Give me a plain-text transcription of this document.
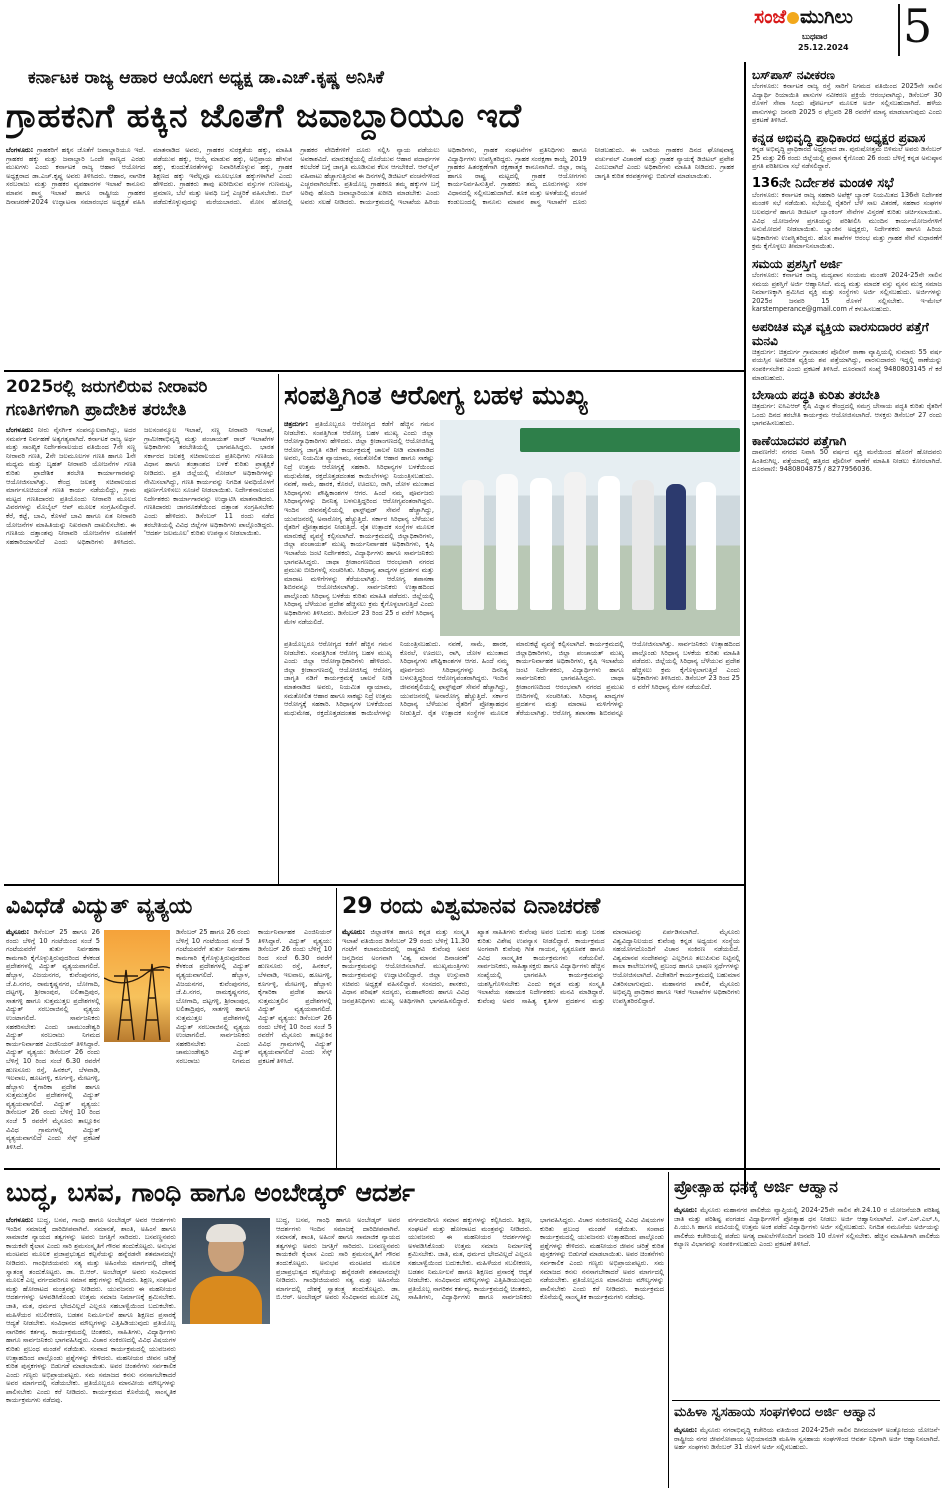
ಸಂಜೆ ಮುಗಿಲು
ಬುಧವಾರ
25.12.2024 5
ಕರ್ನಾಟಕ ರಾಜ್ಯ ಆಹಾರ ಆಯೋಗ ಅಧ್ಯಕ್ಷ ಡಾ.ಎಚ್.ಕೃಷ್ಣ ಅನಿಸಿಕೆ
ಗ್ರಾಹಕನಿಗೆ ಹಕ್ಕಿನ ಜೊತೆಗೆ ಜವಾಬ್ದಾರಿಯೂ ಇದೆ
ಬೆಂಗಳೂರು: ಗ್ರಾಹಕರಿಗೆ ಹಕ್ಕಿನ ಜೊತೆಗೆ ಜವಾಬ್ದಾರಿಯೂ ಇದೆ. ಗ್ರಾಹಕರ ಹಕ್ಕು ಮತ್ತು ಜವಾಬ್ದಾರಿ ಒಂದೇ ನಾಣ್ಯದ ಎರಡು ಮುಖಗಳು ಎಂದು ಕರ್ನಾಟಕ ರಾಜ್ಯ ಆಹಾರ ಆಯೋಗದ ಅಧ್ಯಕ್ಷರಾದ ಡಾ.ಎಚ್.ಕೃಷ್ಣ ಅವರು ತಿಳಿಸಿದರು. ಆಹಾರ, ನಾಗರಿಕ ಸರಬರಾಜು ಮತ್ತು ಗ್ರಾಹಕರ ವ್ಯವಹಾರಗಳ ಇಲಾಖೆ ಕಾನೂನು ಮಾಪನ ಶಾಸ್ತ್ರ ಇಲಾಖೆ ಹಾಗೂ ರಾಷ್ಟ್ರೀಯ ಗ್ರಾಹಕರ ದಿನಾಚರಣೆ-2024 ಉದ್ಘಾಟನಾ ಸಮಾರಂಭದ ಅಧ್ಯಕ್ಷತೆ ವಹಿಸಿ ಮಾತನಾಡಿದ ಅವರು, ಗ್ರಾಹಕರ ಸುರಕ್ಷತೆಯ ಹಕ್ಕು, ಮಾಹಿತಿ ಪಡೆಯುವ ಹಕ್ಕು, ಆಯ್ಕೆ ಮಾಡುವ ಹಕ್ಕು, ಅಭಿಪ್ರಾಯ ಹೇಳುವ ಹಕ್ಕು, ಕುಂದುಕೊರತೆಗಳನ್ನು ನಿವಾರಿಸಿಕೊಳ್ಳುವ ಹಕ್ಕು, ಗ್ರಾಹಕ ಶಿಕ್ಷಣದ ಹಕ್ಕು ಇವೆಲ್ಲವೂ ಮೂಲಭೂತ ಹಕ್ಕುಗಳಾಗಿವೆ ಎಂದು ಹೇಳಿದರು. ಗ್ರಾಹಕರು ತಾವು ಖರೀದಿಸುವ ವಸ್ತುಗಳ ಗುಣಮಟ್ಟ, ಪ್ರಮಾಣ, ಬೆಲೆ ಮತ್ತು ಅವಧಿ ಬಗ್ಗೆ ಎಚ್ಚರಿಕೆ ವಹಿಸಬೇಕು. ಬಿಲ್ ಪಡೆದುಕೊಳ್ಳುವುದನ್ನು ಮರೆಯಬಾರದು. ಮೋಸ ಹೋದಲ್ಲಿ ಗ್ರಾಹಕರ ವೇದಿಕೆಗಳಿಗೆ ದೂರು ಸಲ್ಲಿಸಿ ನ್ಯಾಯ ಪಡೆಯಲು ಅವಕಾಶವಿದೆ. ಮಾರುಕಟ್ಟೆಯಲ್ಲಿ ದೊರೆಯುವ ಆಹಾರ ಪದಾರ್ಥಗಳ ಕಲಬೆರಕೆ ಬಗ್ಗೆ ಜಾಗೃತಿ ಮೂಡಿಸುವ ಕೆಲಸ ಆಗಬೇಕಿದೆ. ಆನ್‌ಲೈನ್ ವಹಿವಾಟು ಹೆಚ್ಚಾಗುತ್ತಿರುವ ಈ ದಿನಗಳಲ್ಲಿ ಡಿಜಿಟಲ್ ವಂಚನೆಗಳಿಂದ ಎಚ್ಚರವಾಗಿರಬೇಕು. ಪ್ರತಿಯೊಬ್ಬ ಗ್ರಾಹಕರೂ ತಮ್ಮ ಹಕ್ಕುಗಳ ಬಗ್ಗೆ ಅರಿವು ಹೊಂದಿ ಜವಾಬ್ದಾರಿಯುತ ಖರೀದಿ ಮಾಡಬೇಕು ಎಂದು ಅವರು ಸಲಹೆ ನೀಡಿದರು. ಕಾರ್ಯಕ್ರಮದಲ್ಲಿ ಇಲಾಖೆಯ ಹಿರಿಯ ಅಧಿಕಾರಿಗಳು, ಗ್ರಾಹಕ ಸಂಘಟನೆಗಳ ಪ್ರತಿನಿಧಿಗಳು ಹಾಗೂ ವಿದ್ಯಾರ್ಥಿಗಳು ಉಪಸ್ಥಿತರಿದ್ದರು. ಗ್ರಾಹಕ ಸಂರಕ್ಷಣಾ ಕಾಯ್ದೆ 2019 ಗ್ರಾಹಕರ ಹಿತರಕ್ಷಣೆಗಾಗಿ ರಕ್ಷಣಾತ್ಮಕ ಕಾನೂನಾಗಿದೆ. ಜಿಲ್ಲಾ, ರಾಜ್ಯ ಹಾಗೂ ರಾಷ್ಟ್ರ ಮಟ್ಟದಲ್ಲಿ ಗ್ರಾಹಕ ಆಯೋಗಗಳು ಕಾರ್ಯನಿರ್ವಹಿಸುತ್ತಿವೆ. ಗ್ರಾಹಕರು ತಮ್ಮ ದೂರುಗಳನ್ನು ಸರಳ ವಿಧಾನದಲ್ಲಿ ಸಲ್ಲಿಸಬಹುದಾಗಿದೆ. ತೂಕ ಮತ್ತು ಅಳತೆಯಲ್ಲಿ ವಂಚನೆ ಕಂಡುಬಂದಲ್ಲಿ ಕಾನೂನು ಮಾಪನ ಶಾಸ್ತ್ರ ಇಲಾಖೆಗೆ ದೂರು ನೀಡಬಹುದು. ಈ ಬಾರಿಯ ಗ್ರಾಹಕರ ದಿನದ ಘೋಷವಾಕ್ಯ ವರ್ಚುವಲ್ ವಿಚಾರಣೆ ಮತ್ತು ಗ್ರಾಹಕ ನ್ಯಾಯಕ್ಕೆ ಡಿಜಿಟಲ್ ಪ್ರವೇಶ ಎಂಬುದಾಗಿದೆ ಎಂದು ಅಧಿಕಾರಿಗಳು ಮಾಹಿತಿ ನೀಡಿದರು. ಗ್ರಾಹಕ ಜಾಗೃತಿ ಕುರಿತ ಕರಪತ್ರಗಳನ್ನು ಬಿಡುಗಡೆ ಮಾಡಲಾಯಿತು.
ಬಸ್‌ಪಾಸ್ ನವೀಕರಣ
ಬೆಂಗಳೂರು: ಕರ್ನಾಟಕ ರಾಜ್ಯ ರಸ್ತೆ ಸಾರಿಗೆ ನಿಗಮದ ವತಿಯಿಂದ 2025ನೇ ಸಾಲಿನ ವಿದ್ಯಾರ್ಥಿ ರಿಯಾಯಿತಿ ಪಾಸುಗಳ ನವೀಕರಣ ಪ್ರಕ್ರಿಯೆ ಆರಂಭವಾಗಿದ್ದು, ಡಿಸೆಂಬರ್ 30 ರೊಳಗೆ ಸೇವಾ ಸಿಂಧು ಪೋರ್ಟಲ್ ಮೂಲಕ ಅರ್ಜಿ ಸಲ್ಲಿಸಬಹುದಾಗಿದೆ. ಹಳೆಯ ಪಾಸುಗಳನ್ನು ಜನವರಿ 2025 ರ ಫೆಬ್ರವರಿ 28 ರವರೆಗೆ ಮಾನ್ಯ ಮಾಡಲಾಗುವುದು ಎಂದು ಪ್ರಕಟಣೆ ತಿಳಿಸಿದೆ.
ಕನ್ನಡ ಅಭಿವೃದ್ಧಿ ಪ್ರಾಧಿಕಾರದ ಅಧ್ಯಕ್ಷರ ಪ್ರವಾಸ
ಕನ್ನಡ ಅಭಿವೃದ್ಧಿ ಪ್ರಾಧಿಕಾರದ ಅಧ್ಯಕ್ಷರಾದ ಡಾ. ಪುರುಷೋತ್ತಮ ಬಿಳಿಮಲೆ ಅವರು ಡಿಸೆಂಬರ್ 25 ಮತ್ತು 26 ರಂದು ಜಿಲ್ಲೆಯಲ್ಲಿ ಪ್ರವಾಸ ಕೈಗೊಂಡು 26 ರಂದು ಬೆಳಿಗ್ಗೆ ಕನ್ನಡ ಅನುಷ್ಠಾನ ಪ್ರಗತಿ ಪರಿಶೀಲನಾ ಸಭೆ ನಡೆಸಲಿದ್ದಾರೆ.
136ನೇ ನಿರ್ದೇಶಕ ಮಂಡಳಿ ಸಭೆ
ಬೆಂಗಳೂರು: ಕರ್ನಾಟಕ ರಾಜ್ಯ ಸಹಕಾರಿ ಅಪೆಕ್ಸ್ ಬ್ಯಾಂಕ್ ನಿಯಮಿತದ 136ನೇ ನಿರ್ದೇಶಕ ಮಂಡಳಿ ಸಭೆ ನಡೆಯಿತು. ಸಭೆಯಲ್ಲಿ ರೈತರಿಗೆ ಬೆಳೆ ಸಾಲ ವಿತರಣೆ, ಸಹಕಾರ ಸಂಘಗಳ ಬಲವರ್ಧನೆ ಹಾಗೂ ಡಿಜಿಟಲ್ ಬ್ಯಾಂಕಿಂಗ್ ಸೇವೆಗಳ ವಿಸ್ತರಣೆ ಕುರಿತು ಚರ್ಚಿಸಲಾಯಿತು. ವಿವಿಧ ಯೋಜನೆಗಳ ಪ್ರಗತಿಯನ್ನು ಪರಿಶೀಲಿಸಿ ಮುಂದಿನ ಕಾರ್ಯಯೋಜನೆಗಳಿಗೆ ಅನುಮೋದನೆ ನೀಡಲಾಯಿತು. ಬ್ಯಾಂಕಿನ ಅಧ್ಯಕ್ಷರು, ನಿರ್ದೇಶಕರು ಹಾಗೂ ಹಿರಿಯ ಅಧಿಕಾರಿಗಳು ಉಪಸ್ಥಿತರಿದ್ದರು. ಹೊಸ ಶಾಖೆಗಳ ಆರಂಭ ಮತ್ತು ಗ್ರಾಹಕ ಸೇವೆ ಸುಧಾರಣೆಗೆ ಕ್ರಮ ಕೈಗೊಳ್ಳಲು ತೀರ್ಮಾನಿಸಲಾಯಿತು.
ಸಮಯ ಪ್ರಶಸ್ತಿಗೆ ಅರ್ಜಿ
ಬೆಂಗಳೂರು: ಕರ್ನಾಟಕ ರಾಜ್ಯ ಮದ್ಯಪಾನ ಸಂಯಮ ಮಂಡಳಿ 2024-25ನೇ ಸಾಲಿನ ಸಮಯ ಪ್ರಶಸ್ತಿಗೆ ಅರ್ಜಿ ಆಹ್ವಾನಿಸಿದೆ. ಮದ್ಯ ಮತ್ತು ಮಾದಕ ವಸ್ತು ವ್ಯಸನ ಮುಕ್ತ ಸಮಾಜ ನಿರ್ಮಾಣಕ್ಕಾಗಿ ಶ್ರಮಿಸಿದ ವ್ಯಕ್ತಿ ಮತ್ತು ಸಂಸ್ಥೆಗಳು ಅರ್ಜಿ ಸಲ್ಲಿಸಬಹುದು. ಅರ್ಜಿಗಳನ್ನು 2025ರ ಜನವರಿ 15 ರೊಳಗೆ ಸಲ್ಲಿಸಬೇಕು. ಇ-ಮೇಲ್ karstemperance@gmail.com ಗೆ ಕಳುಹಿಸಬಹುದು.
ಅಪರಿಚಿತ ಮೃತ ವ್ಯಕ್ತಿಯ ವಾರಸುದಾರರ ಪತ್ತೆಗೆ ಮನವಿ
ಚಿತ್ರದುರ್ಗ: ಚಿತ್ರದುರ್ಗ ಗ್ರಾಮಾಂತರ ಪೊಲೀಸ್ ಠಾಣಾ ವ್ಯಾಪ್ತಿಯಲ್ಲಿ ಸುಮಾರು 55 ವರ್ಷ ವಯಸ್ಸಿನ ಅಪರಿಚಿತ ವ್ಯಕ್ತಿಯ ಶವ ಪತ್ತೆಯಾಗಿದ್ದು, ವಾರಸುದಾರರು ಇದ್ದಲ್ಲಿ ಠಾಣೆಯನ್ನು ಸಂಪರ್ಕಿಸಬೇಕು ಎಂದು ಪ್ರಕಟಣೆ ತಿಳಿಸಿದೆ. ದೂರವಾಣಿ ಸಂಖ್ಯೆ 9480803145 ಗೆ ಕರೆ ಮಾಡಬಹುದು.
ಬೇಸಾಯ ಪದ್ಧತಿ ಕುರಿತು ತರಬೇತಿ
ಚಿತ್ರದುರ್ಗ: ಐಸಿಎಆರ್ ಕೃಷಿ ವಿಜ್ಞಾನ ಕೇಂದ್ರದಲ್ಲಿ ಸಮಗ್ರ ಬೇಸಾಯ ಪದ್ಧತಿ ಕುರಿತು ರೈತರಿಗೆ ಒಂದು ದಿನದ ತರಬೇತಿ ಕಾರ್ಯಕ್ರಮ ಆಯೋಜಿಸಲಾಗಿದೆ. ಆಸಕ್ತರು ಡಿಸೆಂಬರ್ 27 ರಂದು ಭಾಗವಹಿಸಬಹುದು.
ಕಾಣೆಯಾದವರ ಪತ್ತೆಗಾಗಿ
ದಾವಣಗೆರೆ: ನಗರದ ನಿವಾಸಿ 50 ವರ್ಷದ ವ್ಯಕ್ತಿ ಮನೆಯಿಂದ ಹೊರಗೆ ಹೋದವರು ಹಿಂತಿರುಗಿಲ್ಲ. ಪತ್ತೆಯಾದಲ್ಲಿ ಹತ್ತಿರದ ಪೊಲೀಸ್ ಠಾಣೆಗೆ ಮಾಹಿತಿ ನೀಡಲು ಕೋರಲಾಗಿದೆ. ದೂರವಾಣಿ: 9480804875 / 8277956036.
2025ರಲ್ಲಿ ಜರುಗಲಿರುವ ನೀರಾವರಿ ಗಣತಿಗಳಿಗಾಗಿ ಪ್ರಾದೇಶಿಕ ತರಬೇತಿ
ಬೆಂಗಳೂರು: ನೀರು ನೈಸರ್ಗಿಕ ಸಂಪನ್ಮೂಲವಾಗಿದ್ದು, ಅದರ ಸಮರ್ಪಕ ನಿರ್ವಹಣೆ ಅತ್ಯಗತ್ಯವಾಗಿದೆ. ಕರ್ನಾಟಕ ರಾಜ್ಯ ಅರ್ಥ ಮತ್ತು ಸಾಂಖ್ಯಿಕ ನಿರ್ದೇಶನಾಲಯದ ವತಿಯಿಂದ 7ನೇ ಸಣ್ಣ ನೀರಾವರಿ ಗಣತಿ, 2ನೇ ಜಲಮೂಲಗಳ ಗಣತಿ ಹಾಗೂ 1ನೇ ಮಧ್ಯಮ ಮತ್ತು ಬೃಹತ್ ನೀರಾವರಿ ಯೋಜನೆಗಳ ಗಣತಿ ಕುರಿತು ಪ್ರಾದೇಶಿಕ ತರಬೇತಿ ಕಾರ್ಯಾಗಾರವನ್ನು ಆಯೋಜಿಸಲಾಗಿತ್ತು. ಕೇಂದ್ರ ಜಲಶಕ್ತಿ ಸಚಿವಾಲಯದ ಮಾರ್ಗಸೂಚಿಯಂತೆ ಗಣತಿ ಕಾರ್ಯ ನಡೆಯಲಿದ್ದು, ಗ್ರಾಮ ಮಟ್ಟದ ಗಣತಿದಾರರು ಪ್ರತಿಯೊಂದು ನೀರಾವರಿ ಮೂಲದ ವಿವರಗಳನ್ನು ಮೊಬೈಲ್ ಆಪ್ ಮೂಲಕ ಸಂಗ್ರಹಿಸಲಿದ್ದಾರೆ. ಕೆರೆ, ಕಟ್ಟೆ, ಬಾವಿ, ಕೊಳವೆ ಬಾವಿ ಹಾಗೂ ಏತ ನೀರಾವರಿ ಯೋಜನೆಗಳ ಮಾಹಿತಿಯನ್ನು ನಿಖರವಾಗಿ ದಾಖಲಿಸಬೇಕು. ಈ ಗಣತಿಯ ದತ್ತಾಂಶವು ನೀರಾವರಿ ಯೋಜನೆಗಳ ರೂಪಣೆಗೆ ಸಹಕಾರಿಯಾಗಲಿದೆ ಎಂದು ಅಧಿಕಾರಿಗಳು ತಿಳಿಸಿದರು. ಜಲಸಂಪನ್ಮೂಲ ಇಲಾಖೆ, ಸಣ್ಣ ನೀರಾವರಿ ಇಲಾಖೆ, ಗ್ರಾಮೀಣಾಭಿವೃದ್ಧಿ ಮತ್ತು ಪಂಚಾಯತ್ ರಾಜ್ ಇಲಾಖೆಗಳ ಅಧಿಕಾರಿಗಳು ತರಬೇತಿಯಲ್ಲಿ ಭಾಗವಹಿಸಿದ್ದರು. ಭಾರತ ಸರ್ಕಾರದ ಜಲಶಕ್ತಿ ಸಚಿವಾಲಯದ ಪ್ರತಿನಿಧಿಗಳು ಗಣತಿಯ ವಿಧಾನ ಹಾಗೂ ತಂತ್ರಾಂಶದ ಬಳಕೆ ಕುರಿತು ಪ್ರಾತ್ಯಕ್ಷಿಕೆ ನೀಡಿದರು. ಪ್ರತಿ ಜಿಲ್ಲೆಯಲ್ಲಿ ನೋಡಲ್ ಅಧಿಕಾರಿಗಳನ್ನು ನೇಮಿಸಲಾಗಿದ್ದು, ಗಣತಿ ಕಾರ್ಯವನ್ನು ನಿಗದಿತ ಅವಧಿಯೊಳಗೆ ಪೂರ್ಣಗೊಳಿಸಲು ಸೂಚನೆ ನೀಡಲಾಯಿತು. ನಿರ್ದೇಶನಾಲಯದ ನಿರ್ದೇಶಕರು ಕಾರ್ಯಾಗಾರವನ್ನು ಉದ್ಘಾಟಿಸಿ ಮಾತನಾಡಿದರು. ಗಣತಿದಾರರು ಜಾಗರೂಕತೆಯಿಂದ ದತ್ತಾಂಶ ಸಂಗ್ರಹಿಸಬೇಕು ಎಂದು ಹೇಳಿದರು. ಡಿಸೆಂಬರ್ 11 ರಂದು ನಡೆದ ತರಬೇತಿಯಲ್ಲಿ ವಿವಿಧ ಜಿಲ್ಲೆಗಳ ಅಧಿಕಾರಿಗಳು ಪಾಲ್ಗೊಂಡಿದ್ದರು. 'ಆದರ್ಶ ಜಲಮೂಲ' ಕುರಿತು ಉಪನ್ಯಾಸ ನೀಡಲಾಯಿತು.
ಸಂಪತ್ತಿಗಿಂತ ಆರೋಗ್ಯ ಬಹಳ ಮುಖ್ಯ
ಚಿತ್ರದುರ್ಗ: ಪ್ರತಿಯೊಬ್ಬರೂ ಆರೋಗ್ಯದ ಕಡೆಗೆ ಹೆಚ್ಚಿನ ಗಮನ ನೀಡಬೇಕು. ಸಂಪತ್ತಿಗಿಂತ ಆರೋಗ್ಯ ಬಹಳ ಮುಖ್ಯ ಎಂದು ಜಿಲ್ಲಾ ಆರೋಗ್ಯಾಧಿಕಾರಿಗಳು ಹೇಳಿದರು. ಜಿಲ್ಲಾ ಕ್ರೀಡಾಂಗಣದಲ್ಲಿ ಆಯೋಜಿಸಿದ್ದ ಆರೋಗ್ಯ ಜಾಗೃತಿ ನಡಿಗೆ ಕಾರ್ಯಕ್ರಮಕ್ಕೆ ಚಾಲನೆ ನೀಡಿ ಮಾತನಾಡಿದ ಅವರು, ನಿಯಮಿತ ವ್ಯಾಯಾಮ, ಸಮತೋಲಿತ ಆಹಾರ ಹಾಗೂ ಸಾಕಷ್ಟು ನಿದ್ರೆ ಉತ್ತಮ ಆರೋಗ್ಯಕ್ಕೆ ಸಹಕಾರಿ. ಸಿರಿಧಾನ್ಯಗಳ ಬಳಕೆಯಿಂದ ಮಧುಮೇಹ, ರಕ್ತದೊತ್ತಡದಂತಹ ಕಾಯಿಲೆಗಳನ್ನು ನಿಯಂತ್ರಿಸಬಹುದು. ನವಣೆ, ಸಾಮೆ, ಹಾರಕ, ಕೊರಲೆ, ಊದಲು, ರಾಗಿ, ಜೋಳ ಮುಂತಾದ ಸಿರಿಧಾನ್ಯಗಳು ಪೌಷ್ಟಿಕಾಂಶಗಳ ಆಗರ. ಹಿಂದೆ ನಮ್ಮ ಪೂರ್ವಜರು ಸಿರಿಧಾನ್ಯಗಳನ್ನು ದಿನನಿತ್ಯ ಬಳಸುತ್ತಿದ್ದರಿಂದ ಆರೋಗ್ಯವಂತರಾಗಿದ್ದರು. ಇಂದಿನ ಜೀವನಶೈಲಿಯಲ್ಲಿ ಫಾಸ್ಟ್‌ಫುಡ್ ಸೇವನೆ ಹೆಚ್ಚಾಗಿದ್ದು, ಯುವಜನರಲ್ಲಿ ಅನಾರೋಗ್ಯ ಹೆಚ್ಚುತ್ತಿದೆ. ಸರ್ಕಾರ ಸಿರಿಧಾನ್ಯ ಬೆಳೆಯುವ ರೈತರಿಗೆ ಪ್ರೋತ್ಸಾಹಧನ ನೀಡುತ್ತಿದೆ. ರೈತ ಉತ್ಪಾದಕ ಸಂಸ್ಥೆಗಳ ಮೂಲಕ ಮಾರುಕಟ್ಟೆ ವ್ಯವಸ್ಥೆ ಕಲ್ಪಿಸಲಾಗಿದೆ. ಕಾರ್ಯಕ್ರಮದಲ್ಲಿ ಜಿಲ್ಲಾಧಿಕಾರಿಗಳು, ಜಿಲ್ಲಾ ಪಂಚಾಯತ್ ಮುಖ್ಯ ಕಾರ್ಯನಿರ್ವಾಹಕ ಅಧಿಕಾರಿಗಳು, ಕೃಷಿ ಇಲಾಖೆಯ ಜಂಟಿ ನಿರ್ದೇಶಕರು, ವಿದ್ಯಾರ್ಥಿಗಳು ಹಾಗೂ ಸಾರ್ವಜನಿಕರು ಭಾಗವಹಿಸಿದ್ದರು. ಜಾಥಾ ಕ್ರೀಡಾಂಗಣದಿಂದ ಆರಂಭವಾಗಿ ನಗರದ ಪ್ರಮುಖ ಬೀದಿಗಳಲ್ಲಿ ಸಂಚರಿಸಿತು. ಸಿರಿಧಾನ್ಯ ಖಾದ್ಯಗಳ ಪ್ರದರ್ಶನ ಮತ್ತು ಮಾರಾಟ ಮಳಿಗೆಗಳನ್ನು ತೆರೆಯಲಾಗಿತ್ತು. ಆರೋಗ್ಯ ತಪಾಸಣಾ ಶಿಬಿರವನ್ನೂ ಆಯೋಜಿಸಲಾಗಿತ್ತು. ಸಾರ್ವಜನಿಕರು ಉತ್ಸಾಹದಿಂದ ಪಾಲ್ಗೊಂಡು ಸಿರಿಧಾನ್ಯ ಬಳಕೆಯ ಕುರಿತು ಮಾಹಿತಿ ಪಡೆದರು. ಜಿಲ್ಲೆಯಲ್ಲಿ ಸಿರಿಧಾನ್ಯ ಬೆಳೆಯುವ ಪ್ರದೇಶ ಹೆಚ್ಚಿಸಲು ಕ್ರಮ ಕೈಗೊಳ್ಳಲಾಗುತ್ತಿದೆ ಎಂದು ಅಧಿಕಾರಿಗಳು ತಿಳಿಸಿದರು. ಡಿಸೆಂಬರ್ 23 ರಿಂದ 25 ರ ವರೆಗೆ ಸಿರಿಧಾನ್ಯ ಮೇಳ ನಡೆಯಲಿದೆ.
ಪ್ರತಿಯೊಬ್ಬರೂ ಆರೋಗ್ಯದ ಕಡೆಗೆ ಹೆಚ್ಚಿನ ಗಮನ ನೀಡಬೇಕು. ಸಂಪತ್ತಿಗಿಂತ ಆರೋಗ್ಯ ಬಹಳ ಮುಖ್ಯ ಎಂದು ಜಿಲ್ಲಾ ಆರೋಗ್ಯಾಧಿಕಾರಿಗಳು ಹೇಳಿದರು. ಜಿಲ್ಲಾ ಕ್ರೀಡಾಂಗಣದಲ್ಲಿ ಆಯೋಜಿಸಿದ್ದ ಆರೋಗ್ಯ ಜಾಗೃತಿ ನಡಿಗೆ ಕಾರ್ಯಕ್ರಮಕ್ಕೆ ಚಾಲನೆ ನೀಡಿ ಮಾತನಾಡಿದ ಅವರು, ನಿಯಮಿತ ವ್ಯಾಯಾಮ, ಸಮತೋಲಿತ ಆಹಾರ ಹಾಗೂ ಸಾಕಷ್ಟು ನಿದ್ರೆ ಉತ್ತಮ ಆರೋಗ್ಯಕ್ಕೆ ಸಹಕಾರಿ. ಸಿರಿಧಾನ್ಯಗಳ ಬಳಕೆಯಿಂದ ಮಧುಮೇಹ, ರಕ್ತದೊತ್ತಡದಂತಹ ಕಾಯಿಲೆಗಳನ್ನು ನಿಯಂತ್ರಿಸಬಹುದು. ನವಣೆ, ಸಾಮೆ, ಹಾರಕ, ಕೊರಲೆ, ಊದಲು, ರಾಗಿ, ಜೋಳ ಮುಂತಾದ ಸಿರಿಧಾನ್ಯಗಳು ಪೌಷ್ಟಿಕಾಂಶಗಳ ಆಗರ. ಹಿಂದೆ ನಮ್ಮ ಪೂರ್ವಜರು ಸಿರಿಧಾನ್ಯಗಳನ್ನು ದಿನನಿತ್ಯ ಬಳಸುತ್ತಿದ್ದರಿಂದ ಆರೋಗ್ಯವಂತರಾಗಿದ್ದರು. ಇಂದಿನ ಜೀವನಶೈಲಿಯಲ್ಲಿ ಫಾಸ್ಟ್‌ಫುಡ್ ಸೇವನೆ ಹೆಚ್ಚಾಗಿದ್ದು, ಯುವಜನರಲ್ಲಿ ಅನಾರೋಗ್ಯ ಹೆಚ್ಚುತ್ತಿದೆ. ಸರ್ಕಾರ ಸಿರಿಧಾನ್ಯ ಬೆಳೆಯುವ ರೈತರಿಗೆ ಪ್ರೋತ್ಸಾಹಧನ ನೀಡುತ್ತಿದೆ. ರೈತ ಉತ್ಪಾದಕ ಸಂಸ್ಥೆಗಳ ಮೂಲಕ ಮಾರುಕಟ್ಟೆ ವ್ಯವಸ್ಥೆ ಕಲ್ಪಿಸಲಾಗಿದೆ. ಕಾರ್ಯಕ್ರಮದಲ್ಲಿ ಜಿಲ್ಲಾಧಿಕಾರಿಗಳು, ಜಿಲ್ಲಾ ಪಂಚಾಯತ್ ಮುಖ್ಯ ಕಾರ್ಯನಿರ್ವಾಹಕ ಅಧಿಕಾರಿಗಳು, ಕೃಷಿ ಇಲಾಖೆಯ ಜಂಟಿ ನಿರ್ದೇಶಕರು, ವಿದ್ಯಾರ್ಥಿಗಳು ಹಾಗೂ ಸಾರ್ವಜನಿಕರು ಭಾಗವಹಿಸಿದ್ದರು. ಜಾಥಾ ಕ್ರೀಡಾಂಗಣದಿಂದ ಆರಂಭವಾಗಿ ನಗರದ ಪ್ರಮುಖ ಬೀದಿಗಳಲ್ಲಿ ಸಂಚರಿಸಿತು. ಸಿರಿಧಾನ್ಯ ಖಾದ್ಯಗಳ ಪ್ರದರ್ಶನ ಮತ್ತು ಮಾರಾಟ ಮಳಿಗೆಗಳನ್ನು ತೆರೆಯಲಾಗಿತ್ತು. ಆರೋಗ್ಯ ತಪಾಸಣಾ ಶಿಬಿರವನ್ನೂ ಆಯೋಜಿಸಲಾಗಿತ್ತು. ಸಾರ್ವಜನಿಕರು ಉತ್ಸಾಹದಿಂದ ಪಾಲ್ಗೊಂಡು ಸಿರಿಧಾನ್ಯ ಬಳಕೆಯ ಕುರಿತು ಮಾಹಿತಿ ಪಡೆದರು. ಜಿಲ್ಲೆಯಲ್ಲಿ ಸಿರಿಧಾನ್ಯ ಬೆಳೆಯುವ ಪ್ರದೇಶ ಹೆಚ್ಚಿಸಲು ಕ್ರಮ ಕೈಗೊಳ್ಳಲಾಗುತ್ತಿದೆ ಎಂದು ಅಧಿಕಾರಿಗಳು ತಿಳಿಸಿದರು. ಡಿಸೆಂಬರ್ 23 ರಿಂದ 25 ರ ವರೆಗೆ ಸಿರಿಧಾನ್ಯ ಮೇಳ ನಡೆಯಲಿದೆ.
ವಿವಿಧೆಡೆ ವಿದ್ಯುತ್ ವ್ಯತ್ಯಯ
ಮೈಸೂರು: ಡಿಸೆಂಬರ್ 25 ಹಾಗೂ 26 ರಂದು ಬೆಳಿಗ್ಗೆ 10 ಗಂಟೆಯಿಂದ ಸಂಜೆ 5 ಗಂಟೆಯವರೆಗೆ ತುರ್ತು ನಿರ್ವಹಣಾ ಕಾಮಗಾರಿ ಕೈಗೊಳ್ಳುತ್ತಿರುವುದರಿಂದ ಕೆಳಕಂಡ ಪ್ರದೇಶಗಳಲ್ಲಿ ವಿದ್ಯುತ್ ವ್ಯತ್ಯಯವಾಗಲಿದೆ. ಹೆಬ್ಬಾಳ, ವಿಜಯನಗರ, ಕುವೆಂಪುನಗರ, ಜೆ.ಪಿ.ನಗರ, ರಾಮಕೃಷ್ಣನಗರ, ಬೋಗಾದಿ, ದಟ್ಟಗಳ್ಳಿ, ಶ್ರೀರಾಂಪುರ, ಲಲಿತಾದ್ರಿಪುರ, ಸಾತಗಳ್ಳಿ ಹಾಗೂ ಸುತ್ತಮುತ್ತಲ ಪ್ರದೇಶಗಳಲ್ಲಿ ವಿದ್ಯುತ್ ಸರಬರಾಜಿನಲ್ಲಿ ವ್ಯತ್ಯಯ ಉಂಟಾಗಲಿದೆ. ಸಾರ್ವಜನಿಕರು ಸಹಕರಿಸಬೇಕು ಎಂದು ಚಾಮುಂಡೇಶ್ವರಿ ವಿದ್ಯುತ್ ಸರಬರಾಜು ನಿಗಮದ ಕಾರ್ಯನಿರ್ವಾಹಕ ಎಂಜಿನಿಯರ್ ತಿಳಿಸಿದ್ದಾರೆ. ವಿದ್ಯುತ್ ವ್ಯತ್ಯಯ: ಡಿಸೆಂಬರ್ 26 ರಂದು ಬೆಳಿಗ್ಗೆ 10 ರಿಂದ ಸಂಜೆ 6.30 ರವರೆಗೆ ಹುಣಸೂರು ರಸ್ತೆ, ಹಿನಕಲ್, ಬೆಳವಾಡಿ, ಇಲವಾಲ, ಹೂಟಗಳ್ಳಿ, ಕೂರ್ಗಳ್ಳಿ, ಮೇಟಗಳ್ಳಿ, ಹೆಬ್ಬಾಳು ಕೈಗಾರಿಕಾ ಪ್ರದೇಶ ಹಾಗೂ ಸುತ್ತಮುತ್ತಲಿನ ಪ್ರದೇಶಗಳಲ್ಲಿ ವಿದ್ಯುತ್ ವ್ಯತ್ಯಯವಾಗಲಿದೆ. ವಿದ್ಯುತ್ ವ್ಯತ್ಯಯ: ಡಿಸೆಂಬರ್ 26 ರಂದು ಬೆಳಿಗ್ಗೆ 10 ರಿಂದ ಸಂಜೆ 5 ರವರೆಗೆ ಮೈಸೂರು ತಾಲ್ಲೂಕಿನ ವಿವಿಧ ಗ್ರಾಮಗಳಲ್ಲಿ ವಿದ್ಯುತ್ ವ್ಯತ್ಯಯವಾಗಲಿದೆ ಎಂದು ಸೆಸ್ಕ್ ಪ್ರಕಟಣೆ ತಿಳಿಸಿದೆ.
ಡಿಸೆಂಬರ್ 25 ಹಾಗೂ 26 ರಂದು ಬೆಳಿಗ್ಗೆ 10 ಗಂಟೆಯಿಂದ ಸಂಜೆ 5 ಗಂಟೆಯವರೆಗೆ ತುರ್ತು ನಿರ್ವಹಣಾ ಕಾಮಗಾರಿ ಕೈಗೊಳ್ಳುತ್ತಿರುವುದರಿಂದ ಕೆಳಕಂಡ ಪ್ರದೇಶಗಳಲ್ಲಿ ವಿದ್ಯುತ್ ವ್ಯತ್ಯಯವಾಗಲಿದೆ. ಹೆಬ್ಬಾಳ, ವಿಜಯನಗರ, ಕುವೆಂಪುನಗರ, ಜೆ.ಪಿ.ನಗರ, ರಾಮಕೃಷ್ಣನಗರ, ಬೋಗಾದಿ, ದಟ್ಟಗಳ್ಳಿ, ಶ್ರೀರಾಂಪುರ, ಲಲಿತಾದ್ರಿಪುರ, ಸಾತಗಳ್ಳಿ ಹಾಗೂ ಸುತ್ತಮುತ್ತಲ ಪ್ರದೇಶಗಳಲ್ಲಿ ವಿದ್ಯುತ್ ಸರಬರಾಜಿನಲ್ಲಿ ವ್ಯತ್ಯಯ ಉಂಟಾಗಲಿದೆ. ಸಾರ್ವಜನಿಕರು ಸಹಕರಿಸಬೇಕು ಎಂದು ಚಾಮುಂಡೇಶ್ವರಿ ವಿದ್ಯುತ್ ಸರಬರಾಜು ನಿಗಮದ ಕಾರ್ಯನಿರ್ವಾಹಕ ಎಂಜಿನಿಯರ್ ತಿಳಿಸಿದ್ದಾರೆ. ವಿದ್ಯುತ್ ವ್ಯತ್ಯಯ: ಡಿಸೆಂಬರ್ 26 ರಂದು ಬೆಳಿಗ್ಗೆ 10 ರಿಂದ ಸಂಜೆ 6.30 ರವರೆಗೆ ಹುಣಸೂರು ರಸ್ತೆ, ಹಿನಕಲ್, ಬೆಳವಾಡಿ, ಇಲವಾಲ, ಹೂಟಗಳ್ಳಿ, ಕೂರ್ಗಳ್ಳಿ, ಮೇಟಗಳ್ಳಿ, ಹೆಬ್ಬಾಳು ಕೈಗಾರಿಕಾ ಪ್ರದೇಶ ಹಾಗೂ ಸುತ್ತಮುತ್ತಲಿನ ಪ್ರದೇಶಗಳಲ್ಲಿ ವಿದ್ಯುತ್ ವ್ಯತ್ಯಯವಾಗಲಿದೆ. ವಿದ್ಯುತ್ ವ್ಯತ್ಯಯ: ಡಿಸೆಂಬರ್ 26 ರಂದು ಬೆಳಿಗ್ಗೆ 10 ರಿಂದ ಸಂಜೆ 5 ರವರೆಗೆ ಮೈಸೂರು ತಾಲ್ಲೂಕಿನ ವಿವಿಧ ಗ್ರಾಮಗಳಲ್ಲಿ ವಿದ್ಯುತ್ ವ್ಯತ್ಯಯವಾಗಲಿದೆ ಎಂದು ಸೆಸ್ಕ್ ಪ್ರಕಟಣೆ ತಿಳಿಸಿದೆ.
29 ರಂದು ವಿಶ್ವಮಾನವ ದಿನಾಚರಣೆ
ಮೈಸೂರು: ಜಿಲ್ಲಾಡಳಿತ ಹಾಗೂ ಕನ್ನಡ ಮತ್ತು ಸಂಸ್ಕೃತಿ ಇಲಾಖೆ ವತಿಯಿಂದ ಡಿಸೆಂಬರ್ 29 ರಂದು ಬೆಳಿಗ್ಗೆ 11.30 ಗಂಟೆಗೆ ಕಲಾಮಂದಿರದಲ್ಲಿ ರಾಷ್ಟ್ರಕವಿ ಕುವೆಂಪು ಅವರ ಜನ್ಮದಿನದ ಅಂಗವಾಗಿ 'ವಿಶ್ವ ಮಾನವ ದಿನಾಚರಣೆ' ಕಾರ್ಯಕ್ರಮವನ್ನು ಆಯೋಜಿಸಲಾಗಿದೆ. ಮುಖ್ಯಮಂತ್ರಿಗಳು ಕಾರ್ಯಕ್ರಮವನ್ನು ಉದ್ಘಾಟಿಸಲಿದ್ದಾರೆ. ಜಿಲ್ಲಾ ಉಸ್ತುವಾರಿ ಸಚಿವರು ಅಧ್ಯಕ್ಷತೆ ವಹಿಸಲಿದ್ದಾರೆ. ಸಂಸದರು, ಶಾಸಕರು, ವಿಧಾನ ಪರಿಷತ್ ಸದಸ್ಯರು, ಮಹಾಪೌರರು ಹಾಗೂ ವಿವಿಧ ಜನಪ್ರತಿನಿಧಿಗಳು ಮುಖ್ಯ ಅತಿಥಿಗಳಾಗಿ ಭಾಗವಹಿಸಲಿದ್ದಾರೆ. ಖ್ಯಾತ ಸಾಹಿತಿಗಳು ಕುವೆಂಪು ಅವರ ಬದುಕು ಮತ್ತು ಬರಹ ಕುರಿತು ವಿಶೇಷ ಉಪನ್ಯಾಸ ನೀಡಲಿದ್ದಾರೆ. ಕಾರ್ಯಕ್ರಮದ ಅಂಗವಾಗಿ ಕುವೆಂಪು ಗೀತ ಗಾಯನ, ನೃತ್ಯರೂಪಕ ಹಾಗೂ ವಿವಿಧ ಸಾಂಸ್ಕೃತಿಕ ಕಾರ್ಯಕ್ರಮಗಳು ನಡೆಯಲಿವೆ. ಸಾರ್ವಜನಿಕರು, ಸಾಹಿತ್ಯಾಸಕ್ತರು ಹಾಗೂ ವಿದ್ಯಾರ್ಥಿಗಳು ಹೆಚ್ಚಿನ ಸಂಖ್ಯೆಯಲ್ಲಿ ಭಾಗವಹಿಸಿ ಕಾರ್ಯಕ್ರಮವನ್ನು ಯಶಸ್ವಿಗೊಳಿಸಬೇಕು ಎಂದು ಕನ್ನಡ ಮತ್ತು ಸಂಸ್ಕೃತಿ ಇಲಾಖೆಯ ಸಹಾಯಕ ನಿರ್ದೇಶಕರು ಮನವಿ ಮಾಡಿದ್ದಾರೆ. ಕುವೆಂಪು ಅವರ ಸಾಹಿತ್ಯ ಕೃತಿಗಳ ಪ್ರದರ್ಶನ ಮತ್ತು ಮಾರಾಟವನ್ನು ಏರ್ಪಡಿಸಲಾಗಿದೆ. ಮೈಸೂರು ವಿಶ್ವವಿದ್ಯಾನಿಲಯದ ಕುವೆಂಪು ಕನ್ನಡ ಅಧ್ಯಯನ ಸಂಸ್ಥೆಯ ಸಹಯೋಗದೊಂದಿಗೆ ವಿಚಾರ ಸಂಕಿರಣ ನಡೆಯಲಿದೆ. ವಿಶ್ವಮಾನವ ಸಂದೇಶವನ್ನು ಎಲ್ಲರಿಗೂ ತಲುಪಿಸುವ ನಿಟ್ಟಿನಲ್ಲಿ ಶಾಲಾ ಕಾಲೇಜುಗಳಲ್ಲಿ ಪ್ರಬಂಧ ಹಾಗೂ ಭಾಷಣ ಸ್ಪರ್ಧೆಗಳನ್ನು ಆಯೋಜಿಸಲಾಗಿದೆ. ವಿಜೇತರಿಗೆ ಕಾರ್ಯಕ್ರಮದಲ್ಲಿ ಬಹುಮಾನ ವಿತರಿಸಲಾಗುವುದು. ಮಹಾನಗರ ಪಾಲಿಕೆ, ಮೈಸೂರು ಅಭಿವೃದ್ಧಿ ಪ್ರಾಧಿಕಾರ ಹಾಗೂ ಇತರೆ ಇಲಾಖೆಗಳ ಅಧಿಕಾರಿಗಳು ಉಪಸ್ಥಿತರಿರಲಿದ್ದಾರೆ.
ಬುದ್ಧ, ಬಸವ, ಗಾಂಧಿ ಹಾಗೂ ಅಂಬೇಡ್ಕರ್ ಆದರ್ಶ
ಬೆಂಗಳೂರು: ಬುದ್ಧ, ಬಸವ, ಗಾಂಧಿ ಹಾಗೂ ಅಂಬೇಡ್ಕರ್ ಅವರ ಆದರ್ಶಗಳು ಇಂದಿನ ಸಮಾಜಕ್ಕೆ ದಾರಿದೀಪವಾಗಿವೆ. ಸಮಾನತೆ, ಶಾಂತಿ, ಅಹಿಂಸೆ ಹಾಗೂ ಸಾಮಾಜಿಕ ನ್ಯಾಯದ ತತ್ವಗಳನ್ನು ಅವರು ಜಗತ್ತಿಗೆ ಸಾರಿದರು. ಬಸವಣ್ಣನವರು ಕಾಯಕವೇ ಕೈಲಾಸ ಎಂದು ಸಾರಿ ಶ್ರಮಸಂಸ್ಕೃತಿಗೆ ಗೌರವ ತಂದುಕೊಟ್ಟರು. ಅನುಭವ ಮಂಟಪದ ಮೂಲಕ ಪ್ರಜಾಪ್ರಭುತ್ವದ ಕಲ್ಪನೆಯನ್ನು ಹನ್ನೆರಡನೇ ಶತಮಾನದಲ್ಲೇ ನೀಡಿದರು. ಗಾಂಧೀಜಿಯವರು ಸತ್ಯ ಮತ್ತು ಅಹಿಂಸೆಯ ಮಾರ್ಗದಲ್ಲಿ ದೇಶಕ್ಕೆ ಸ್ವಾತಂತ್ರ್ಯ ತಂದುಕೊಟ್ಟರು. ಡಾ. ಬಿ.ಆರ್. ಅಂಬೇಡ್ಕರ್ ಅವರು ಸಂವಿಧಾನದ ಮೂಲಕ ಎಲ್ಲ ವರ್ಗದವರಿಗೂ ಸಮಾನ ಹಕ್ಕುಗಳನ್ನು ಕಲ್ಪಿಸಿದರು. ಶಿಕ್ಷಣ, ಸಂಘಟನೆ ಮತ್ತು ಹೋರಾಟದ ಮಂತ್ರವನ್ನು ನೀಡಿದರು. ಯುವಜನರು ಈ ಮಹನೀಯರ ಆದರ್ಶಗಳನ್ನು ಅಳವಡಿಸಿಕೊಂಡು ಉತ್ತಮ ಸಮಾಜ ನಿರ್ಮಾಣಕ್ಕೆ ಶ್ರಮಿಸಬೇಕು. ಜಾತಿ, ಮತ, ಧರ್ಮದ ಭೇದವಿಲ್ಲದೆ ಎಲ್ಲರೂ ಸಹಬಾಳ್ವೆಯಿಂದ ಬದುಕಬೇಕು. ಮಹಿಳೆಯರ ಸಬಲೀಕರಣ, ಬಡತನ ನಿರ್ಮೂಲನೆ ಹಾಗೂ ಶಿಕ್ಷಣದ ಪ್ರಸಾರಕ್ಕೆ ಆದ್ಯತೆ ನೀಡಬೇಕು. ಸಂವಿಧಾನದ ಮೌಲ್ಯಗಳನ್ನು ಎತ್ತಿಹಿಡಿಯುವುದು ಪ್ರತಿಯೊಬ್ಬ ನಾಗರಿಕನ ಕರ್ತವ್ಯ. ಕಾರ್ಯಕ್ರಮದಲ್ಲಿ ಚಿಂತಕರು, ಸಾಹಿತಿಗಳು, ವಿದ್ಯಾರ್ಥಿಗಳು ಹಾಗೂ ಸಾರ್ವಜನಿಕರು ಭಾಗವಹಿಸಿದ್ದರು. ವಿಚಾರ ಸಂಕಿರಣದಲ್ಲಿ ವಿವಿಧ ವಿಷಯಗಳ ಕುರಿತು ಪ್ರಬಂಧ ಮಂಡನೆ ನಡೆಯಿತು. ಸಂವಾದ ಕಾರ್ಯಕ್ರಮದಲ್ಲಿ ಯುವಜನರು ಉತ್ಸಾಹದಿಂದ ಪಾಲ್ಗೊಂಡು ಪ್ರಶ್ನೆಗಳನ್ನು ಕೇಳಿದರು. ಮಹನೀಯರ ಜೀವನ ಚರಿತ್ರೆ ಕುರಿತ ಪುಸ್ತಕಗಳನ್ನು ಬಿಡುಗಡೆ ಮಾಡಲಾಯಿತು. ಅವರ ಚಿಂತನೆಗಳು ಸರ್ವಕಾಲಿಕ ಎಂದು ಗಣ್ಯರು ಅಭಿಪ್ರಾಯಪಟ್ಟರು. ಸಮ ಸಮಾಜದ ಕನಸು ನನಸಾಗಬೇಕಾದರೆ ಅವರ ಮಾರ್ಗದಲ್ಲಿ ನಡೆಯಬೇಕು. ಪ್ರತಿಯೊಬ್ಬರೂ ಮಾನವೀಯ ಮೌಲ್ಯಗಳನ್ನು ಪಾಲಿಸಬೇಕು ಎಂದು ಕರೆ ನೀಡಿದರು. ಕಾರ್ಯಕ್ರಮದ ಕೊನೆಯಲ್ಲಿ ಸಾಂಸ್ಕೃತಿಕ ಕಾರ್ಯಕ್ರಮಗಳು ನಡೆದವು.
ಬುದ್ಧ, ಬಸವ, ಗಾಂಧಿ ಹಾಗೂ ಅಂಬೇಡ್ಕರ್ ಅವರ ಆದರ್ಶಗಳು ಇಂದಿನ ಸಮಾಜಕ್ಕೆ ದಾರಿದೀಪವಾಗಿವೆ. ಸಮಾನತೆ, ಶಾಂತಿ, ಅಹಿಂಸೆ ಹಾಗೂ ಸಾಮಾಜಿಕ ನ್ಯಾಯದ ತತ್ವಗಳನ್ನು ಅವರು ಜಗತ್ತಿಗೆ ಸಾರಿದರು. ಬಸವಣ್ಣನವರು ಕಾಯಕವೇ ಕೈಲಾಸ ಎಂದು ಸಾರಿ ಶ್ರಮಸಂಸ್ಕೃತಿಗೆ ಗೌರವ ತಂದುಕೊಟ್ಟರು. ಅನುಭವ ಮಂಟಪದ ಮೂಲಕ ಪ್ರಜಾಪ್ರಭುತ್ವದ ಕಲ್ಪನೆಯನ್ನು ಹನ್ನೆರಡನೇ ಶತಮಾನದಲ್ಲೇ ನೀಡಿದರು. ಗಾಂಧೀಜಿಯವರು ಸತ್ಯ ಮತ್ತು ಅಹಿಂಸೆಯ ಮಾರ್ಗದಲ್ಲಿ ದೇಶಕ್ಕೆ ಸ್ವಾತಂತ್ರ್ಯ ತಂದುಕೊಟ್ಟರು. ಡಾ. ಬಿ.ಆರ್. ಅಂಬೇಡ್ಕರ್ ಅವರು ಸಂವಿಧಾನದ ಮೂಲಕ ಎಲ್ಲ ವರ್ಗದವರಿಗೂ ಸಮಾನ ಹಕ್ಕುಗಳನ್ನು ಕಲ್ಪಿಸಿದರು. ಶಿಕ್ಷಣ, ಸಂಘಟನೆ ಮತ್ತು ಹೋರಾಟದ ಮಂತ್ರವನ್ನು ನೀಡಿದರು. ಯುವಜನರು ಈ ಮಹನೀಯರ ಆದರ್ಶಗಳನ್ನು ಅಳವಡಿಸಿಕೊಂಡು ಉತ್ತಮ ಸಮಾಜ ನಿರ್ಮಾಣಕ್ಕೆ ಶ್ರಮಿಸಬೇಕು. ಜಾತಿ, ಮತ, ಧರ್ಮದ ಭೇದವಿಲ್ಲದೆ ಎಲ್ಲರೂ ಸಹಬಾಳ್ವೆಯಿಂದ ಬದುಕಬೇಕು. ಮಹಿಳೆಯರ ಸಬಲೀಕರಣ, ಬಡತನ ನಿರ್ಮೂಲನೆ ಹಾಗೂ ಶಿಕ್ಷಣದ ಪ್ರಸಾರಕ್ಕೆ ಆದ್ಯತೆ ನೀಡಬೇಕು. ಸಂವಿಧಾನದ ಮೌಲ್ಯಗಳನ್ನು ಎತ್ತಿಹಿಡಿಯುವುದು ಪ್ರತಿಯೊಬ್ಬ ನಾಗರಿಕನ ಕರ್ತವ್ಯ. ಕಾರ್ಯಕ್ರಮದಲ್ಲಿ ಚಿಂತಕರು, ಸಾಹಿತಿಗಳು, ವಿದ್ಯಾರ್ಥಿಗಳು ಹಾಗೂ ಸಾರ್ವಜನಿಕರು ಭಾಗವಹಿಸಿದ್ದರು. ವಿಚಾರ ಸಂಕಿರಣದಲ್ಲಿ ವಿವಿಧ ವಿಷಯಗಳ ಕುರಿತು ಪ್ರಬಂಧ ಮಂಡನೆ ನಡೆಯಿತು. ಸಂವಾದ ಕಾರ್ಯಕ್ರಮದಲ್ಲಿ ಯುವಜನರು ಉತ್ಸಾಹದಿಂದ ಪಾಲ್ಗೊಂಡು ಪ್ರಶ್ನೆಗಳನ್ನು ಕೇಳಿದರು. ಮಹನೀಯರ ಜೀವನ ಚರಿತ್ರೆ ಕುರಿತ ಪುಸ್ತಕಗಳನ್ನು ಬಿಡುಗಡೆ ಮಾಡಲಾಯಿತು. ಅವರ ಚಿಂತನೆಗಳು ಸರ್ವಕಾಲಿಕ ಎಂದು ಗಣ್ಯರು ಅಭಿಪ್ರಾಯಪಟ್ಟರು. ಸಮ ಸಮಾಜದ ಕನಸು ನನಸಾಗಬೇಕಾದರೆ ಅವರ ಮಾರ್ಗದಲ್ಲಿ ನಡೆಯಬೇಕು. ಪ್ರತಿಯೊಬ್ಬರೂ ಮಾನವೀಯ ಮೌಲ್ಯಗಳನ್ನು ಪಾಲಿಸಬೇಕು ಎಂದು ಕರೆ ನೀಡಿದರು. ಕಾರ್ಯಕ್ರಮದ ಕೊನೆಯಲ್ಲಿ ಸಾಂಸ್ಕೃತಿಕ ಕಾರ್ಯಕ್ರಮಗಳು ನಡೆದವು.
ಪ್ರೋತ್ಸಾಹ ಧನಕ್ಕೆ ಅರ್ಜಿ ಆಹ್ವಾನ
ಮೈಸೂರು: ಮೈಸೂರು ಮಹಾನಗರ ಪಾಲಿಕೆಯ ವ್ಯಾಪ್ತಿಯಲ್ಲಿ 2024-25ನೇ ಸಾಲಿನ ಶೇ.24.10 ರ ಯೋಜನೆಯಡಿ ಪರಿಶಿಷ್ಟ ಜಾತಿ ಮತ್ತು ಪರಿಶಿಷ್ಟ ಪಂಗಡದ ವಿದ್ಯಾರ್ಥಿಗಳಿಗೆ ಪ್ರೋತ್ಸಾಹ ಧನ ನೀಡಲು ಅರ್ಜಿ ಆಹ್ವಾನಿಸಲಾಗಿದೆ. ಎಸ್.ಎಸ್.ಎಲ್.ಸಿ, ಪಿ.ಯು.ಸಿ ಹಾಗೂ ಪದವಿಯಲ್ಲಿ ಉತ್ತಮ ಅಂಕ ಪಡೆದ ವಿದ್ಯಾರ್ಥಿಗಳು ಅರ್ಜಿ ಸಲ್ಲಿಸಬಹುದು. ನಿಗದಿತ ನಮೂನೆಯ ಅರ್ಜಿಯನ್ನು ಪಾಲಿಕೆಯ ಕಚೇರಿಯಲ್ಲಿ ಪಡೆದು ಅಗತ್ಯ ದಾಖಲೆಗಳೊಂದಿಗೆ ಜನವರಿ 10 ರೊಳಗೆ ಸಲ್ಲಿಸಬೇಕು. ಹೆಚ್ಚಿನ ಮಾಹಿತಿಗಾಗಿ ಪಾಲಿಕೆಯ ಕಲ್ಯಾಣ ವಿಭಾಗವನ್ನು ಸಂಪರ್ಕಿಸಬಹುದು ಎಂದು ಪ್ರಕಟಣೆ ತಿಳಿಸಿದೆ.
ಮಹಿಳಾ ಸ್ವಸಹಾಯ ಸಂಘಗಳಿಂದ ಅರ್ಜಿ ಆಹ್ವಾನ
ಮೈಸೂರು: ಮೈಸೂರು ನಗರಾಭಿವೃದ್ಧಿ ಕಚೇರಿಯ ವತಿಯಿಂದ 2024-25ನೇ ಸಾಲಿನ ದೀನದಯಾಳ್ ಅಂತ್ಯೋದಯ ಯೋಜನೆ-ರಾಷ್ಟ್ರೀಯ ನಗರ ಜೀವನೋಪಾಯ ಅಭಿಯಾನದಡಿ ಮಹಿಳಾ ಸ್ವಸಹಾಯ ಸಂಘಗಳಿಂದ ಆವರ್ತ ನಿಧಿಗಾಗಿ ಅರ್ಜಿ ಆಹ್ವಾನಿಸಲಾಗಿದೆ. ಅರ್ಹ ಸಂಘಗಳು ಡಿಸೆಂಬರ್ 31 ರೊಳಗೆ ಅರ್ಜಿ ಸಲ್ಲಿಸಬಹುದು.
